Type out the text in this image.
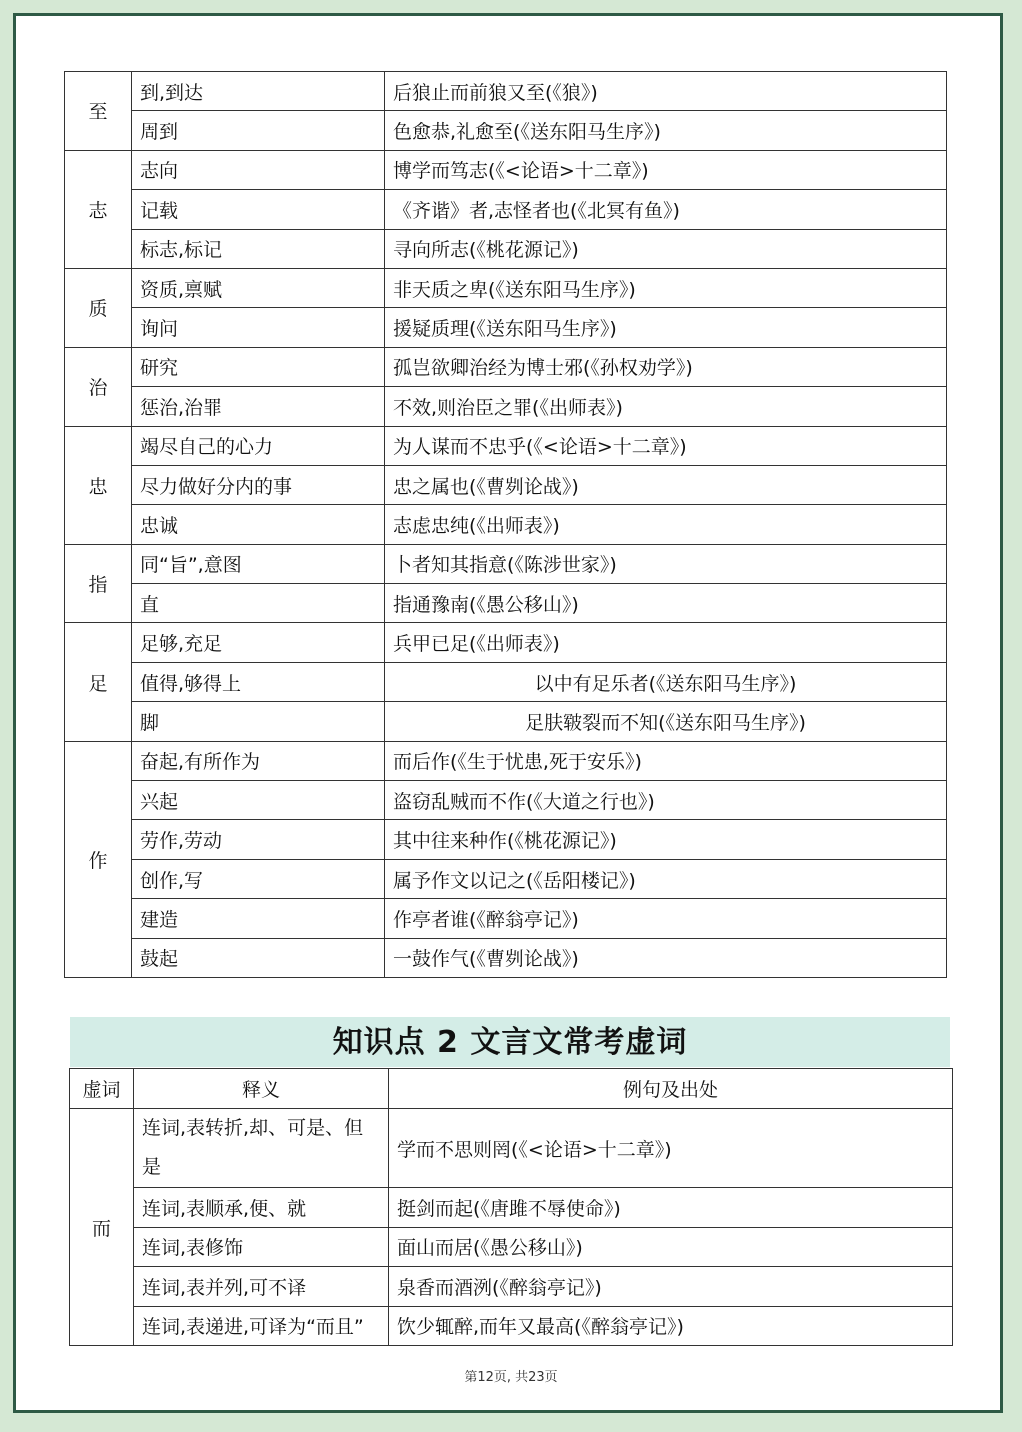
至	到,到达	后狼止而前狼又至(《狼》)
	周到	色愈恭,礼愈至(《送东阳马生序》)
志	志向	博学而笃志(《<论语>十二章》)
	记载	《齐谐》者,志怪者也(《北冥有鱼》)
	标志,标记	寻向所志(《桃花源记》)
质	资质,禀赋	非天质之卑(《送东阳马生序》)
	询问	援疑质理(《送东阳马生序》)
治	研究	孤岂欲卿治经为博士邪(《孙权劝学》)
	惩治,治罪	不效,则治臣之罪(《出师表》)
忠	竭尽自己的心力	为人谋而不忠乎(《<论语>十二章》)
	尽力做好分内的事	忠之属也(《曹刿论战》)
	忠诚	志虑忠纯(《出师表》)
指	同“旨”,意图	卜者知其指意(《陈涉世家》)
	直	指通豫南(《愚公移山》)
足	足够,充足	兵甲已足(《出师表》)
	值得,够得上	以中有足乐者(《送东阳马生序》)
	脚	足肤皲裂而不知(《送东阳马生序》)
作	奋起,有所作为	而后作(《生于忧患,死于安乐》)
	兴起	盗窃乱贼而不作(《大道之行也》)
	劳作,劳动	其中往来种作(《桃花源记》)
	创作,写	属予作文以记之(《岳阳楼记》)
	建造	作亭者谁(《醉翁亭记》)
	鼓起	一鼓作气(《曹刿论战》)
知识点 2 文言文常考虚词
虚词	释义	例句及出处
而	连词,表转折,却、可是、但是	学而不思则罔(《<论语>十二章》)
	连词,表顺承,便、就	挺剑而起(《唐雎不辱使命》)
	连词,表修饰	面山而居(《愚公移山》)
	连词,表并列,可不译	泉香而酒洌(《醉翁亭记》)
	连词,表递进,可译为“而且”	饮少辄醉,而年又最高(《醉翁亭记》)
第12页, 共23页
